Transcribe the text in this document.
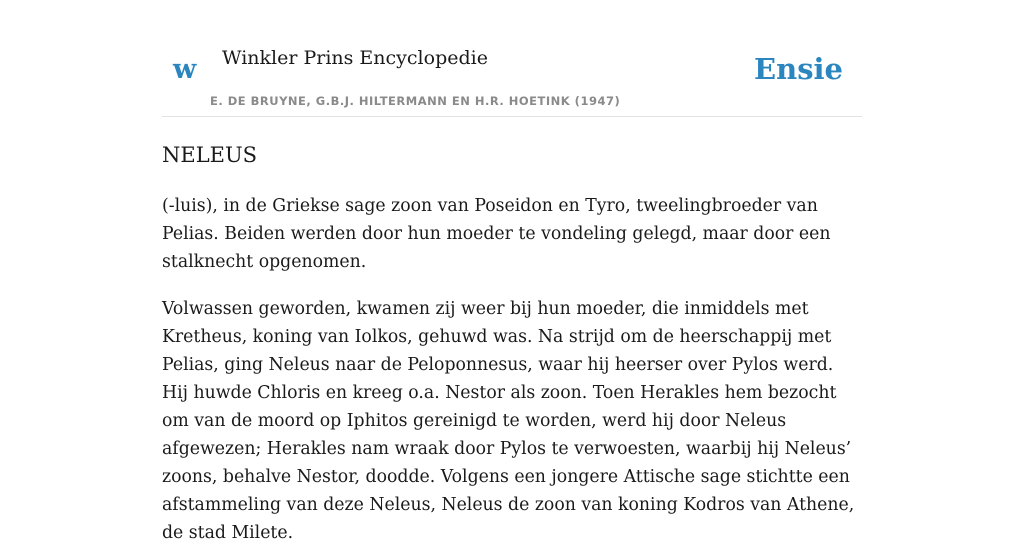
w Winkler Prins Encyclopedie
E. DE BRUYNE, G.B.J. HILTERMANN EN H.R. HOETINK (1947)
Ensie
NELEUS

(-luis), in de Griekse sage zoon van Poseidon en Tyro, tweelingbroeder van Pelias. Beiden werden door hun moeder te vondeling gelegd, maar door een stalknecht opgenomen.

Volwassen geworden, kwamen zij weer bij hun moeder, die inmiddels met Kretheus, koning van Iolkos, gehuwd was. Na strijd om de heerschappij met Pelias, ging Neleus naar de Peloponnesus, waar hij heerser over Pylos werd. Hij huwde Chloris en kreeg o.a. Nestor als zoon. Toen Herakles hem bezocht om van de moord op Iphitos gereinigd te worden, werd hij door Neleus afgewezen; Herakles nam wraak door Pylos te verwoesten, waarbij hij Neleus’ zoons, behalve Nestor, doodde. Volgens een jongere Attische sage stichtte een afstammeling van deze Neleus, Neleus de zoon van koning Kodros van Athene, de stad Milete.
